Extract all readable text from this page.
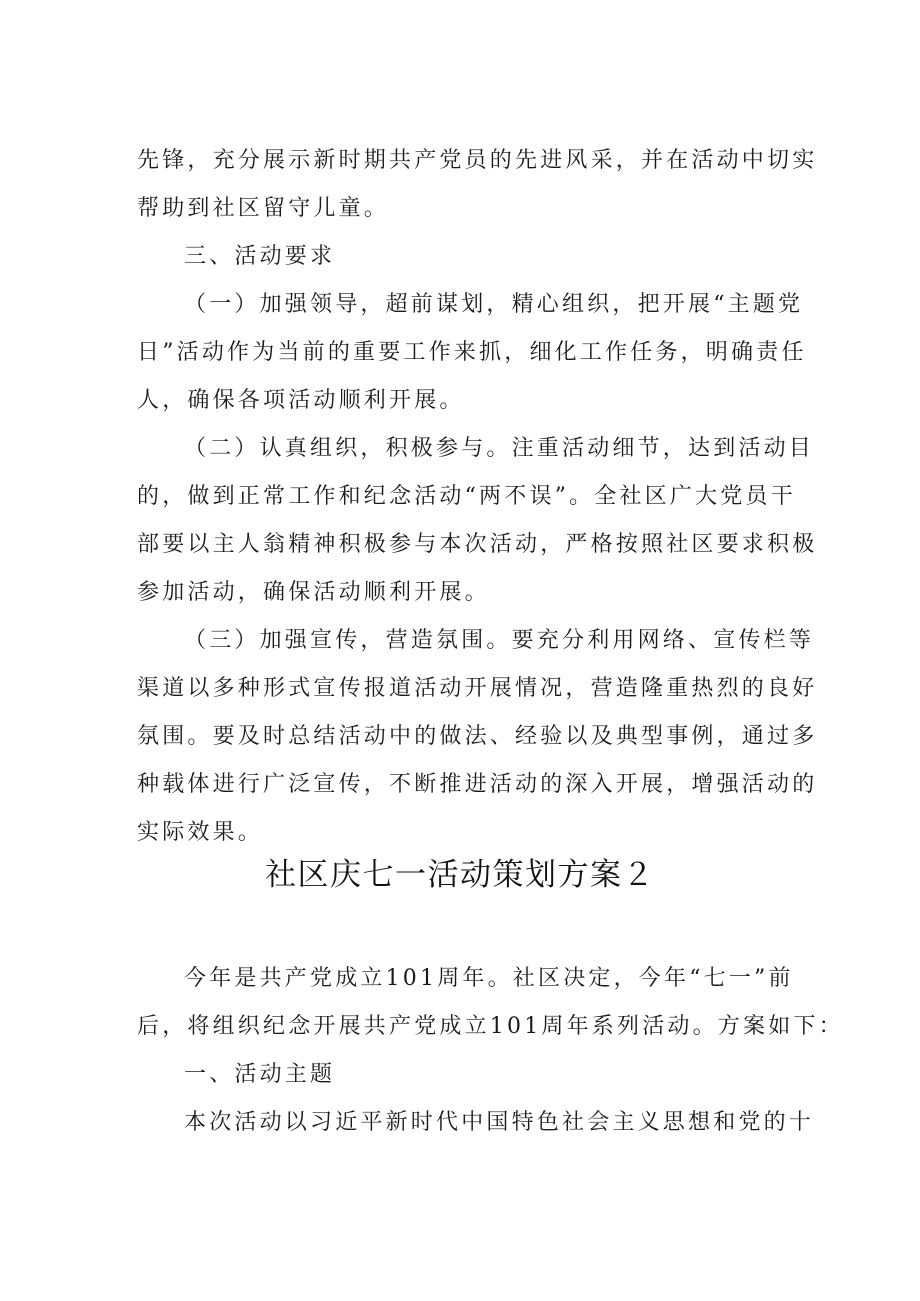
先锋，充分展示新时期共产党员的先进风采，并在活动中切实
帮助到社区留守儿童。
三、活动要求
（一）加强领导，超前谋划，精心组织，把开展“主题党
日”活动作为当前的重要工作来抓，细化工作任务，明确责任
人，确保各项活动顺利开展。
（二）认真组织，积极参与。注重活动细节，达到活动目
的，做到正常工作和纪念活动“两不误”。全社区广大党员干
部要以主人翁精神积极参与本次活动，严格按照社区要求积极
参加活动，确保活动顺利开展。
（三）加强宣传，营造氛围。要充分利用网络、宣传栏等
渠道以多种形式宣传报道活动开展情况，营造隆重热烈的良好
氛围。要及时总结活动中的做法、经验以及典型事例，通过多
种载体进行广泛宣传，不断推进活动的深入开展，增强活动的
实际效果。
社区庆七一活动策划方案２
今年是共产党成立101周年。社区决定，今年“七一”前
后，将组织纪念开展共产党成立101周年系列活动。方案如下：
一、活动主题
本次活动以习近平新时代中国特色社会主义思想和党的十
